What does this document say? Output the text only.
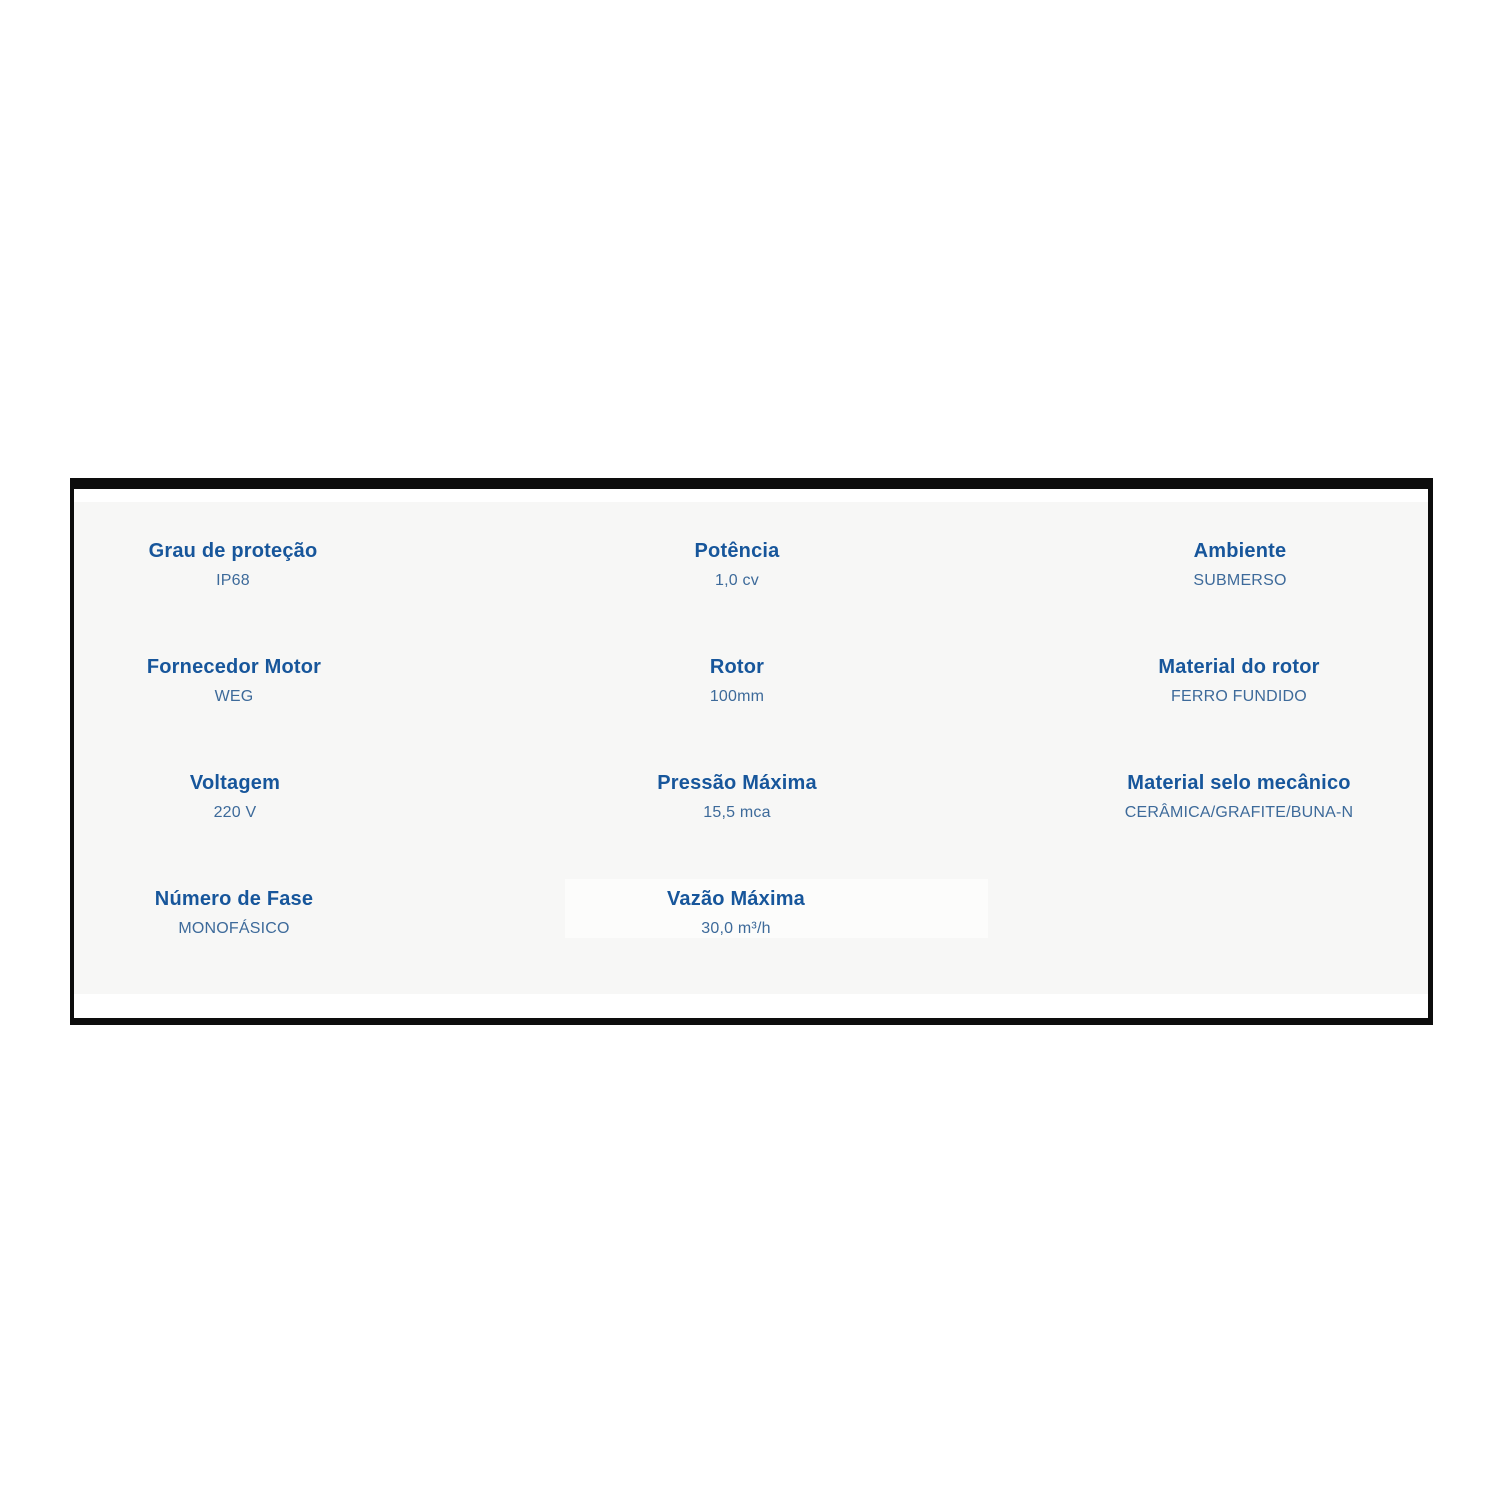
Grau de proteção
IP68
Potência
1,0 cv
Ambiente
SUBMERSO
Fornecedor Motor
WEG
Rotor
100mm
Material do rotor
FERRO FUNDIDO
Voltagem
220 V
Pressão Máxima
15,5 mca
Material selo mecânico
CERÂMICA/GRAFITE/BUNA-N
Número de Fase
MONOFÁSICO
Vazão Máxima
30,0 m³/h
